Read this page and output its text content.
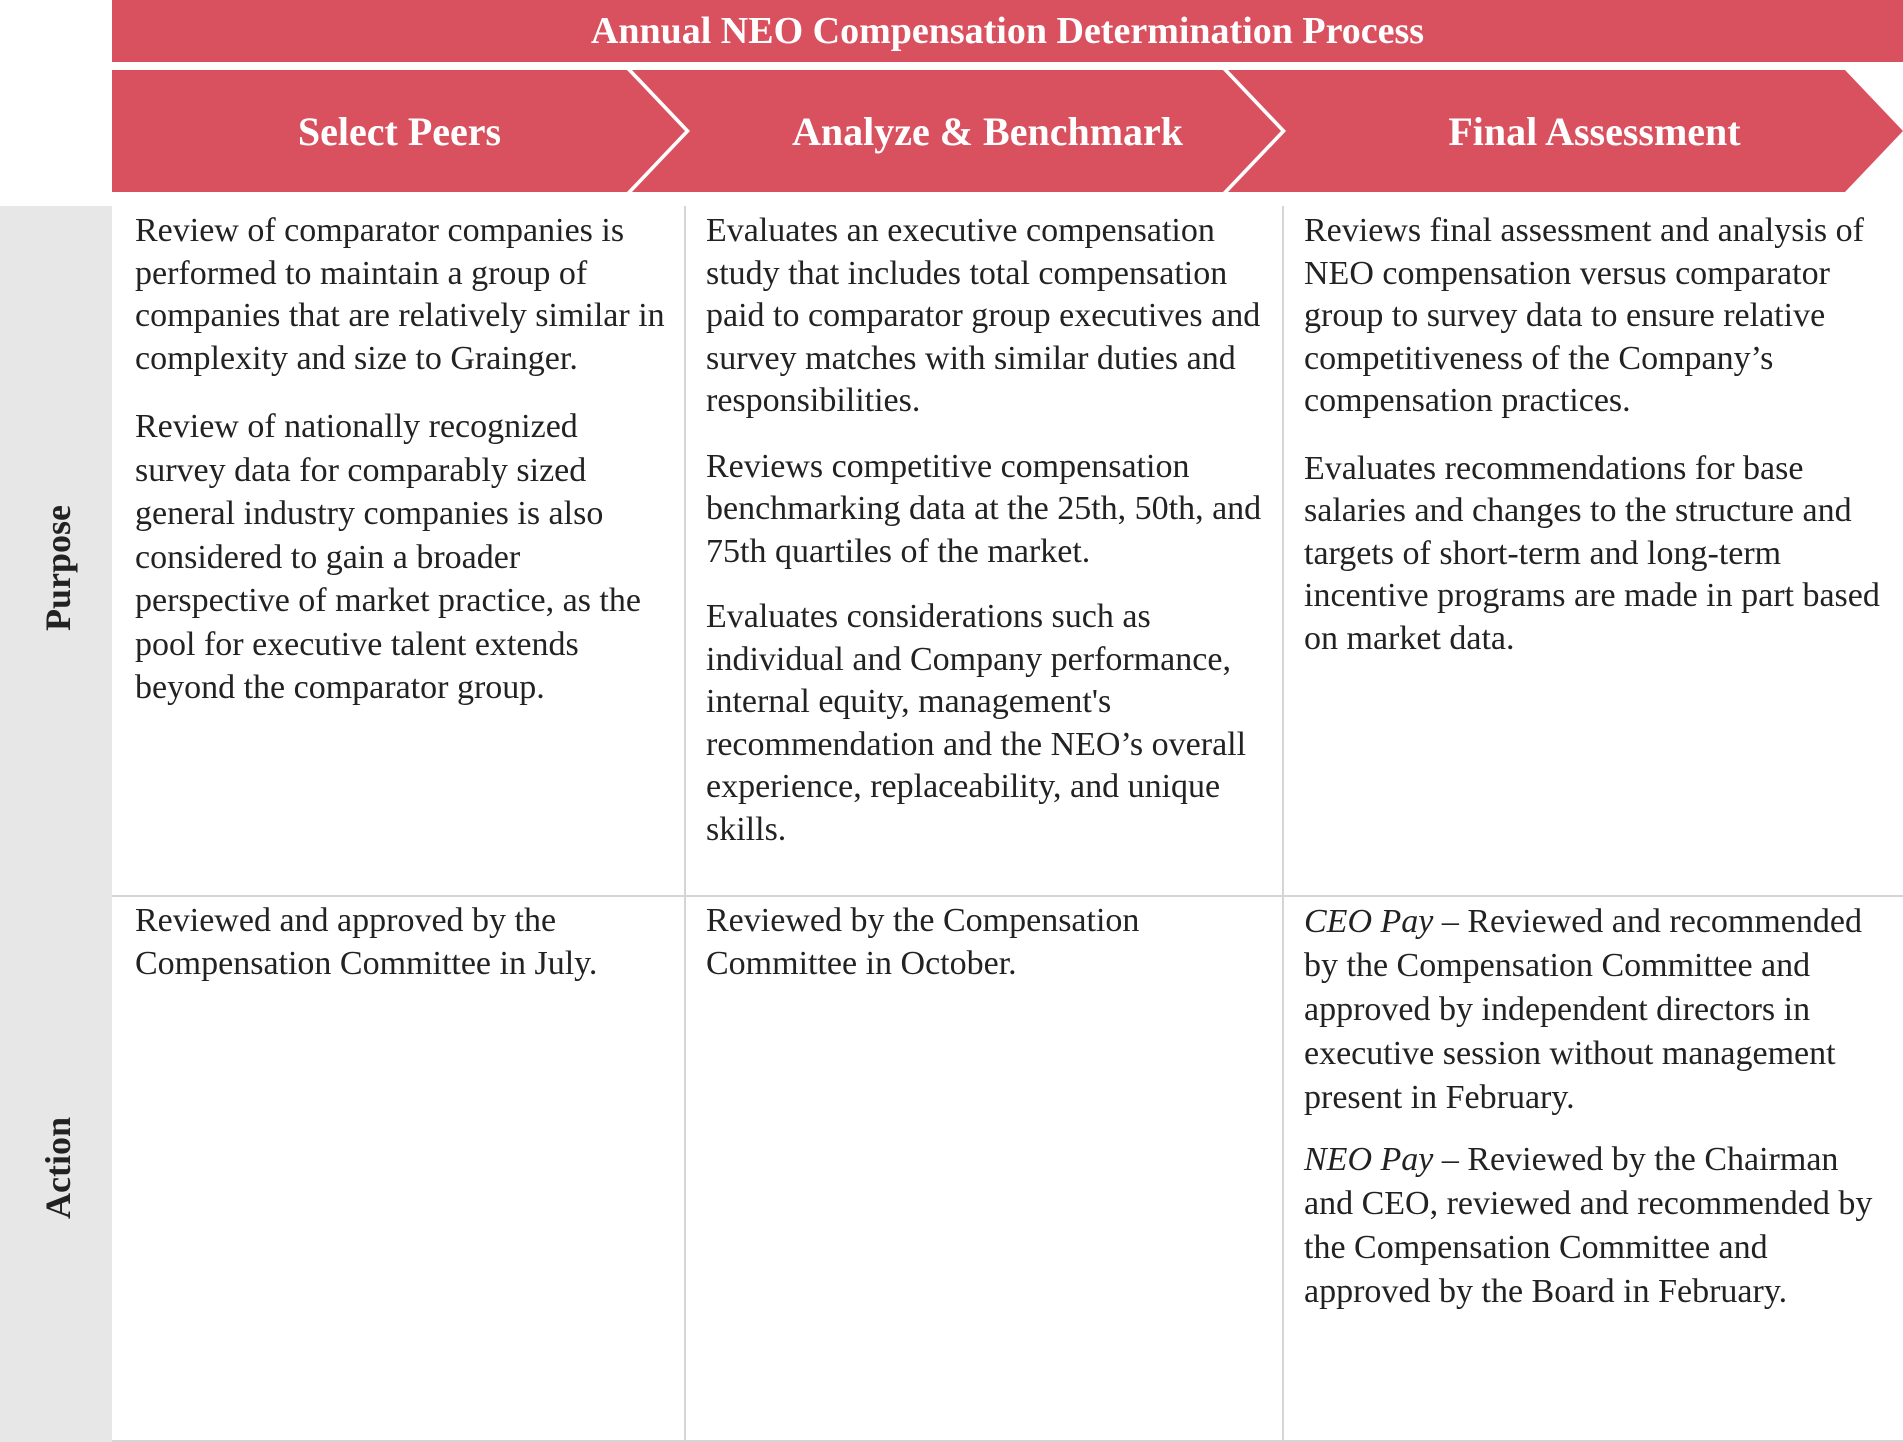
Annual NEO Compensation Determination Process
Select Peers	Analyze & Benchmark	Final Assessment
Purpose
Action

Review of comparator companies is performed to maintain a group of companies that are relatively similar in complexity and size to Grainger.

Review of nationally recognized survey data for comparably sized general industry companies is also considered to gain a broader perspective of market practice, as the pool for executive talent extends beyond the comparator group.

Evaluates an executive compensation study that includes total compensation paid to comparator group executives and survey matches with similar duties and responsibilities.

Reviews competitive compensation benchmarking data at the 25th, 50th, and 75th quartiles of the market.

Evaluates considerations such as individual and Company performance, internal equity, management's recommendation and the NEO’s overall experience, replaceability, and unique skills.

Reviews final assessment and analysis of NEO compensation versus comparator group to survey data to ensure relative competitiveness of the Company’s compensation practices.

Evaluates recommendations for base salaries and changes to the structure and targets of short-term and long-term incentive programs are made in part based on market data.

Reviewed and approved by the Compensation Committee in July.

Reviewed by the Compensation Committee in October.

CEO Pay – Reviewed and recommended by the Compensation Committee and approved by independent directors in executive session without management present in February.

NEO Pay – Reviewed by the Chairman and CEO, reviewed and recommended by the Compensation Committee and approved by the Board in February.
